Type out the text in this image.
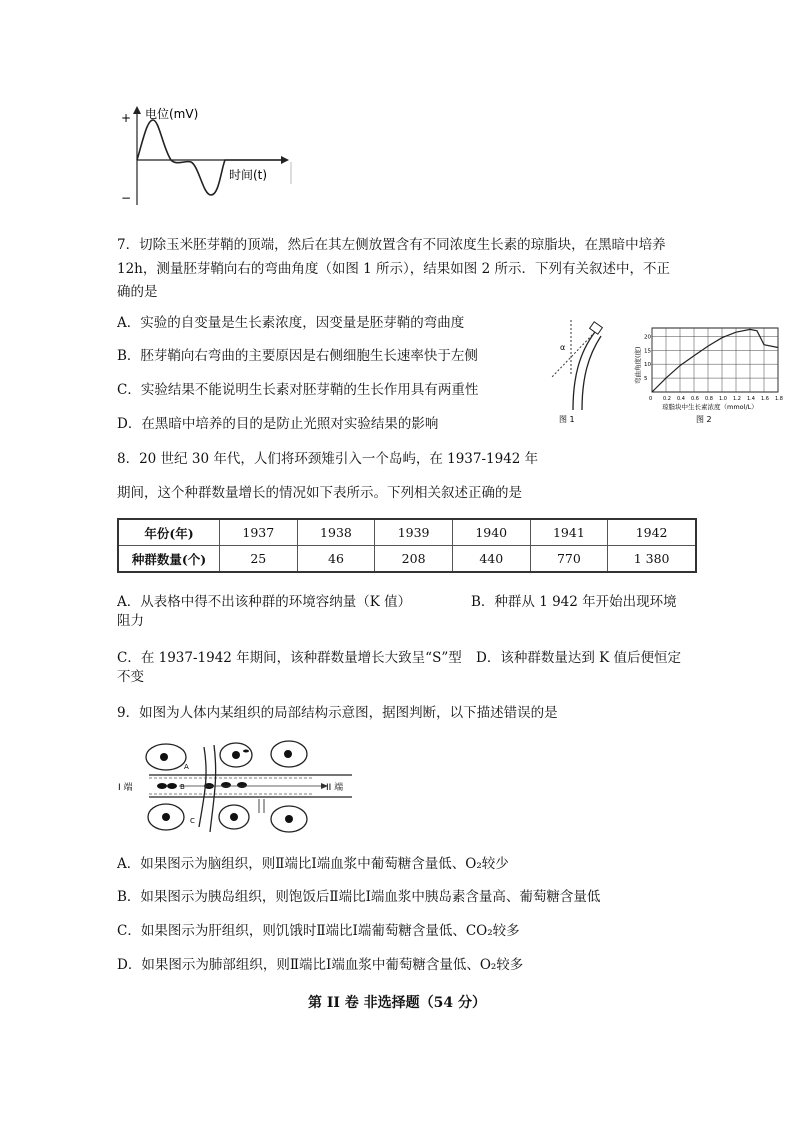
电位(mV)
时间(t)
+
−
7．切除玉米胚芽鞘的顶端，然后在其左侧放置含有不同浓度生长素的琼脂块，在黑暗中培养
12h，测量胚芽鞘向右的弯曲角度（如图 1 所示），结果如图 2 所示．下列有关叙述中，不正
确的是
A．实验的自变量是生长素浓度，因变量是胚芽鞘的弯曲度
B．胚芽鞘向右弯曲的主要原因是右侧细胞生长速率快于左侧
C．实验结果不能说明生长素对胚芽鞘的生长作用具有两重性
D．在黑暗中培养的目的是防止光照对实验结果的影响
α
图 1
0 0.2 0.4 0.6 0.8 1.0 1.2 1.4 1.6 1.8
20
15
10
5
弯曲角度(度)
琼脂块中生长素浓度（mmol/L）
图 2
8．20 世纪 30 年代，人们将环颈雉引入一个岛屿，在 1937-1942 年
期间，这个种群数量增长的情况如下表所示。下列相关叙述正确的是
年份(年)	1937	1938	1939	1940	1941	1942
种群数量(个)	25	46	208	440	770	1 380
A．从表格中得不出该种群的环境容纳量（K 值）	B．种群从 1 942 年开始出现环境
阻力
C．在 1937-1942 年期间，该种群数量增长大致呈“S”型 D．该种群数量达到 K 值后便恒定
不变
9．如图为人体内某组织的局部结构示意图，据图判断，以下描述错误的是
A
B
C
I 端	II 端
A．如果图示为脑组织，则Ⅱ端比Ⅰ端血浆中葡萄糖含量低、O₂较少
B．如果图示为胰岛组织，则饱饭后Ⅱ端比Ⅰ端血浆中胰岛素含量高、葡萄糖含量低
C．如果图示为肝组织，则饥饿时Ⅱ端比Ⅰ端葡萄糖含量低、CO₂较多
D．如果图示为肺部组织，则Ⅱ端比Ⅰ端血浆中葡萄糖含量低、O₂较多
第 II 卷 非选择题（54 分）
